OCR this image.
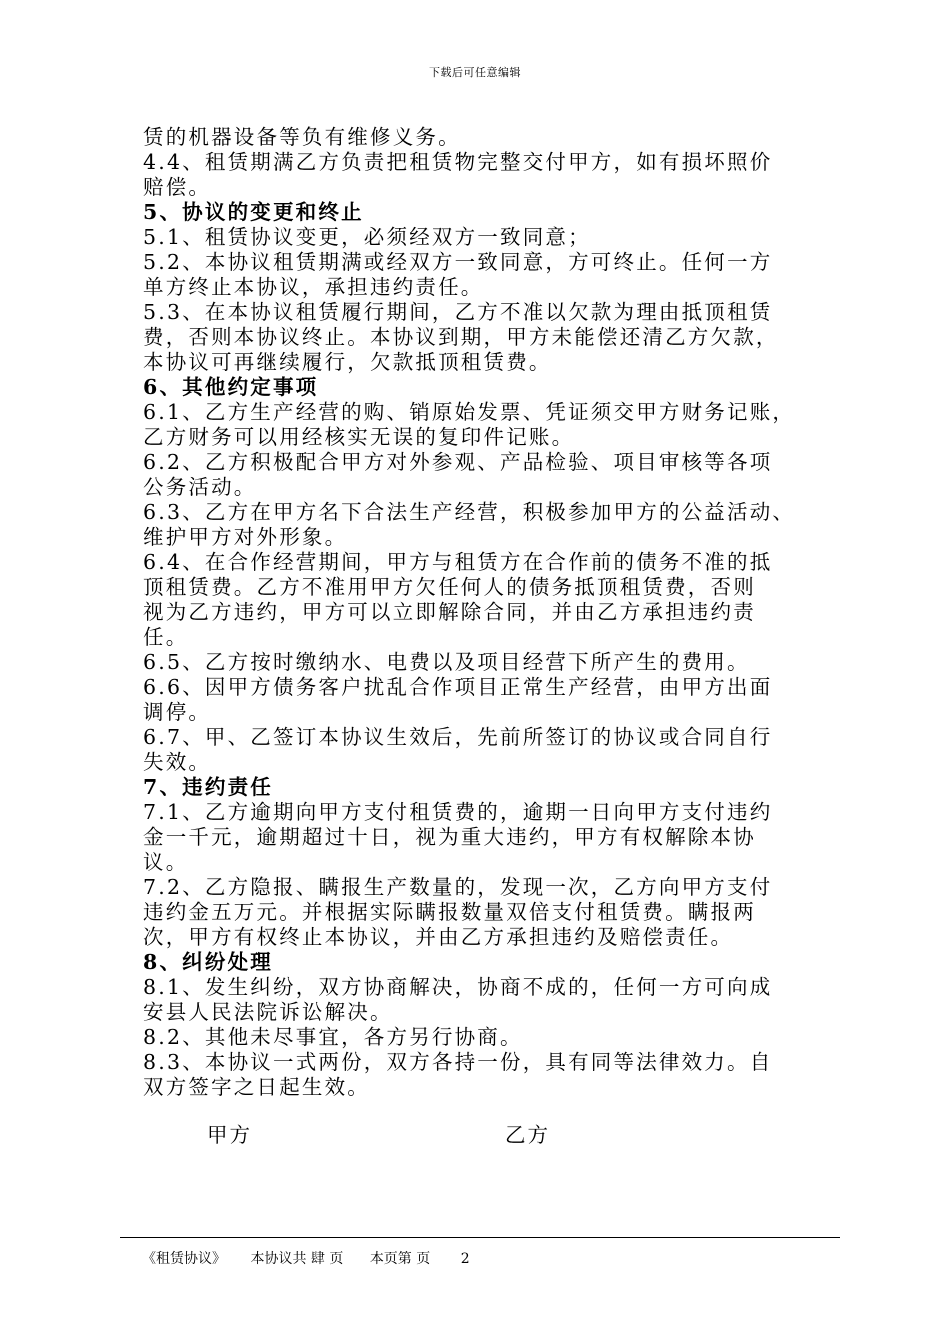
下载后可任意编辑
赁的机器设备等负有维修义务。
4.4、租赁期满乙方负责把租赁物完整交付甲方，如有损坏照价
赔偿。
5、协议的变更和终止
5.1、租赁协议变更，必须经双方一致同意；
5.2、本协议租赁期满或经双方一致同意，方可终止。任何一方
单方终止本协议，承担违约责任。
5.3、在本协议租赁履行期间，乙方不准以欠款为理由抵顶租赁
费，否则本协议终止。本协议到期，甲方未能偿还清乙方欠款，
本协议可再继续履行，欠款抵顶租赁费。
6、其他约定事项
6.1、乙方生产经营的购、销原始发票、凭证须交甲方财务记账，
乙方财务可以用经核实无误的复印件记账。
6.2、乙方积极配合甲方对外参观、产品检验、项目审核等各项
公务活动。
6.3、乙方在甲方名下合法生产经营，积极参加甲方的公益活动、
维护甲方对外形象。
6.4、在合作经营期间，甲方与租赁方在合作前的债务不准的抵
顶租赁费。乙方不准用甲方欠任何人的债务抵顶租赁费，否则
视为乙方违约，甲方可以立即解除合同，并由乙方承担违约责
任。
6.5、乙方按时缴纳水、电费以及项目经营下所产生的费用。
6.6、因甲方债务客户扰乱合作项目正常生产经营，由甲方出面
调停。
6.7、甲、乙签订本协议生效后，先前所签订的协议或合同自行
失效。
7、违约责任
7.1、乙方逾期向甲方支付租赁费的，逾期一日向甲方支付违约
金一千元，逾期超过十日，视为重大违约，甲方有权解除本协
议。
7.2、乙方隐报、瞒报生产数量的，发现一次，乙方向甲方支付
违约金五万元。并根据实际瞒报数量双倍支付租赁费。瞒报两
次，甲方有权终止本协议，并由乙方承担违约及赔偿责任。
8、纠纷处理
8.1、发生纠纷，双方协商解决，协商不成的，任何一方可向成
安县人民法院诉讼解决。
8.2、其他未尽事宜，各方另行协商。
8.3、本协议一式两份，双方各持一份，具有同等法律效力。自
双方签字之日起生效。
甲方	乙方
《租赁协议》 本协议共 肆 页 本页第 页 2
